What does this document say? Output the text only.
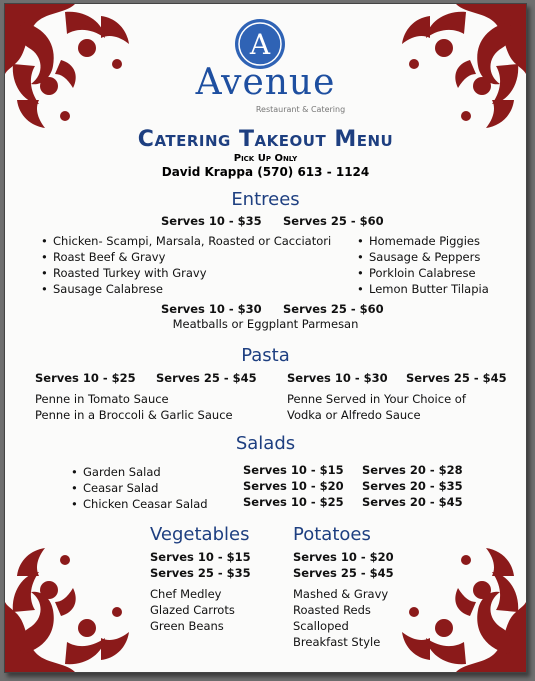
A
Avenue
Restaurant & Catering
Catering Takeout Menu
Pick Up Only
David Krappa (570) 613 - 1124
Entrees
Serves 10 - $35 Serves 25 - $60
• Chicken- Scampi, Marsala, Roasted or Cacciatori
• Roast Beef & Gravy
• Roasted Turkey with Gravy
• Sausage Calabrese
• Homemade Piggies
• Sausage & Peppers
• Porkloin Calabrese
• Lemon Butter Tilapia
Serves 10 - $30 Serves 25 - $60
Meatballs or Eggplant Parmesan
Pasta
Serves 10 - $25 Serves 25 - $45	Serves 10 - $30 Serves 25 - $45
Penne in Tomato Sauce
Penne in a Broccoli & Garlic Sauce
Penne Served in Your Choice of
Vodka or Alfredo Sauce
Salads
• Garden Salad
• Ceasar Salad
• Chicken Ceasar Salad
Serves 10 - $15
Serves 10 - $20
Serves 10 - $25
Serves 20 - $28
Serves 20 - $35
Serves 20 - $45
Vegetables
Serves 10 - $15
Serves 25 - $35
Chef Medley
Glazed Carrots
Green Beans
Potatoes
Serves 10 - $20
Serves 25 - $45
Mashed & Gravy
Roasted Reds
Scalloped
Breakfast Style
